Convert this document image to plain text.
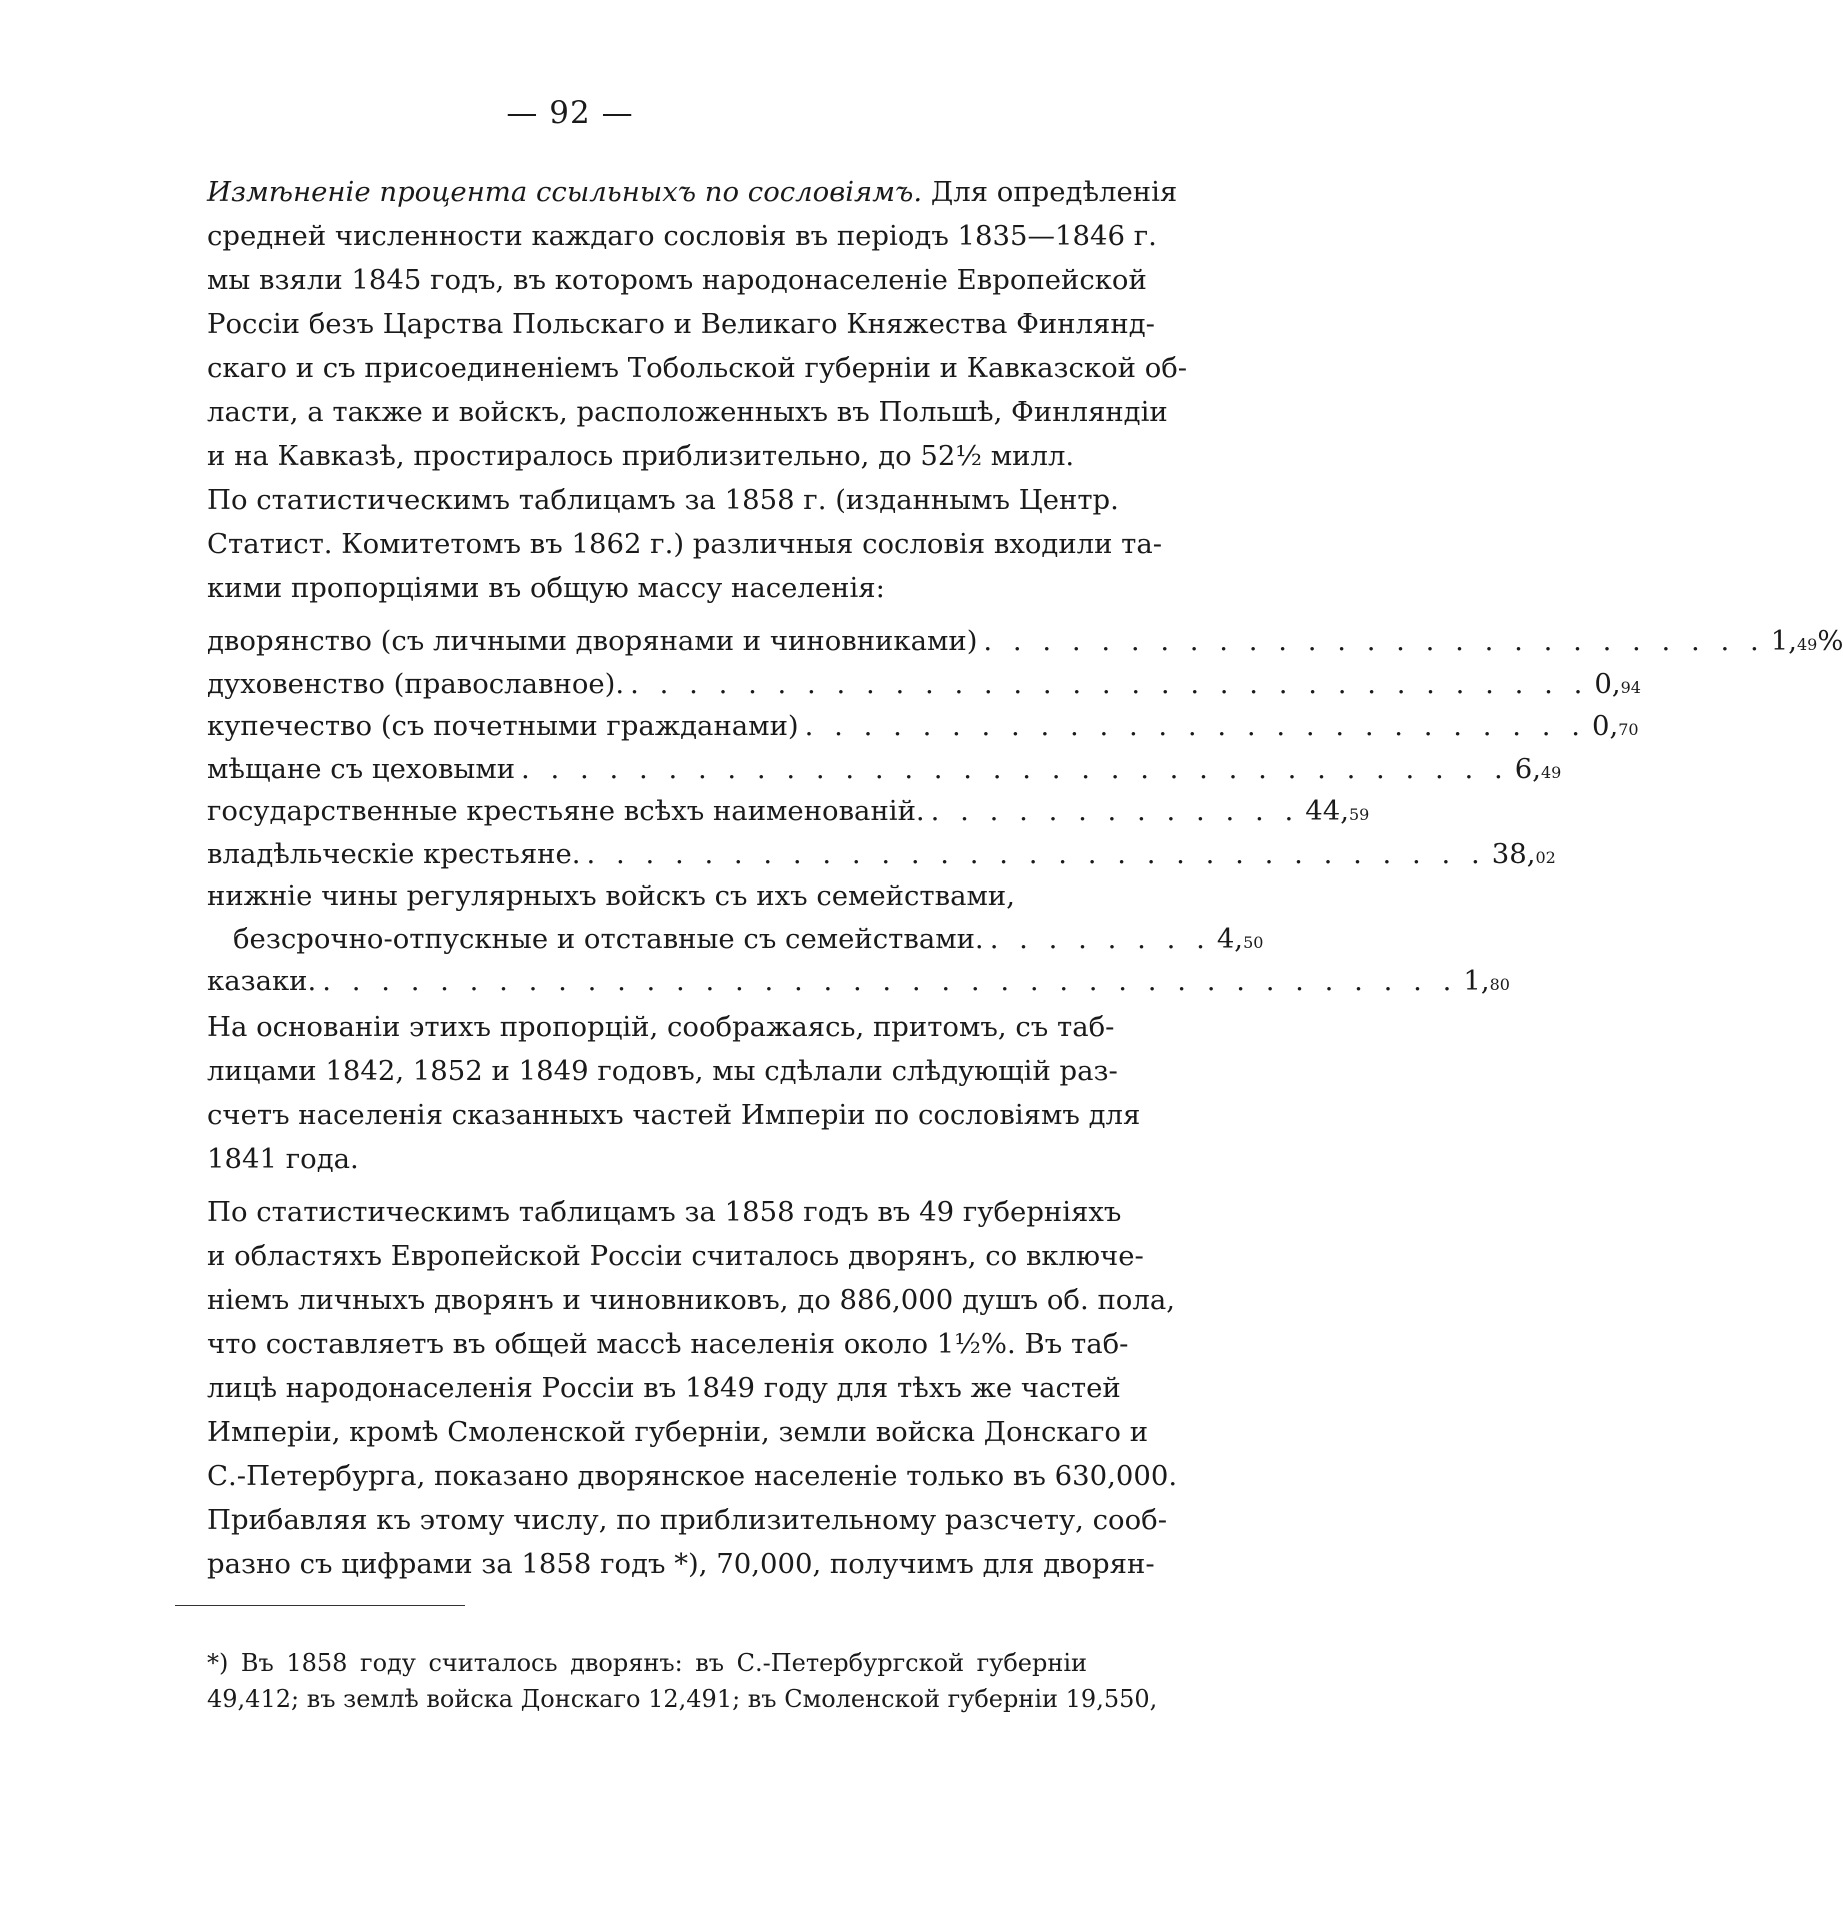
— 92 —
Измѣненіе процента ссыльныхъ по сословіямъ. Для опредѣленія
средней численности каждаго сословія въ періодъ 1835—1846 г.
мы взяли 1845 годъ, въ которомъ народонаселеніе Европейской
Россіи безъ Царства Польскаго и Великаго Княжества Финлянд-
скаго и съ присоединеніемъ Тобольской губерніи и Кавказской об-
ласти, а также и войскъ, расположенныхъ въ Польшѣ, Финляндіи
и на Кавказѣ, простиралось приблизительно, до 52½ милл.
По статистическимъ таблицамъ за 1858 г. (изданнымъ Центр.
Статист. Комитетомъ въ 1862 г.) различныя сословія входили та-
кими пропорціями въ общую массу населенія:
дворянство (съ личными дворянами и чиновниками) . . . . . . . . . . . . . . . . . . . . . . . . . . . 1,49%
духовенство (православное). . . . . . . . . . . . . . . . . . . . . . . . . . . . . . . . . . 0,94
купечество (съ почетными гражданами) . . . . . . . . . . . . . . . . . . . . . . . . . . . 0,70
мѣщане съ цеховыми . . . . . . . . . . . . . . . . . . . . . . . . . . . . . . . . . . 6,49
государственные крестьяне всѣхъ наименованій. . . . . . . . . . . . . . 44,59
владѣльческіе крестьяне. . . . . . . . . . . . . . . . . . . . . . . . . . . . . . . . 38,02
нижніе чины регулярныхъ войскъ съ ихъ семействами,
безсрочно-отпускные и отставные съ семействами. . . . . . . . . 4,50
казаки. . . . . . . . . . . . . . . . . . . . . . . . . . . . . . . . . . . . . . . . 1,80
На основаніи этихъ пропорцій, соображаясь, притомъ, съ таб-
лицами 1842, 1852 и 1849 годовъ, мы сдѣлали слѣдующій раз-
счетъ населенія сказанныхъ частей Имперіи по сословіямъ для
1841 года.
По статистическимъ таблицамъ за 1858 годъ въ 49 губерніяхъ
и областяхъ Европейской Россіи считалось дворянъ, со включе-
ніемъ личныхъ дворянъ и чиновниковъ, до 886,000 душъ об. пола,
что составляетъ въ общей массѣ населенія около 1½%. Въ таб-
лицѣ народонаселенія Россіи въ 1849 году для тѣхъ же частей
Имперіи, кромѣ Смоленской губерніи, земли войска Донскаго и
С.-Петербурга, показано дворянское населеніе только въ 630,000.
Прибавляя къ этому числу, по приблизительному разсчету, сооб-
разно съ цифрами за 1858 годъ *), 70,000, получимъ для дворян-
*) Въ 1858 году считалось дворянъ: въ С.-Петербургской губерніи
49,412; въ землѣ войска Донскаго 12,491; въ Смоленской губерніи 19,550,
